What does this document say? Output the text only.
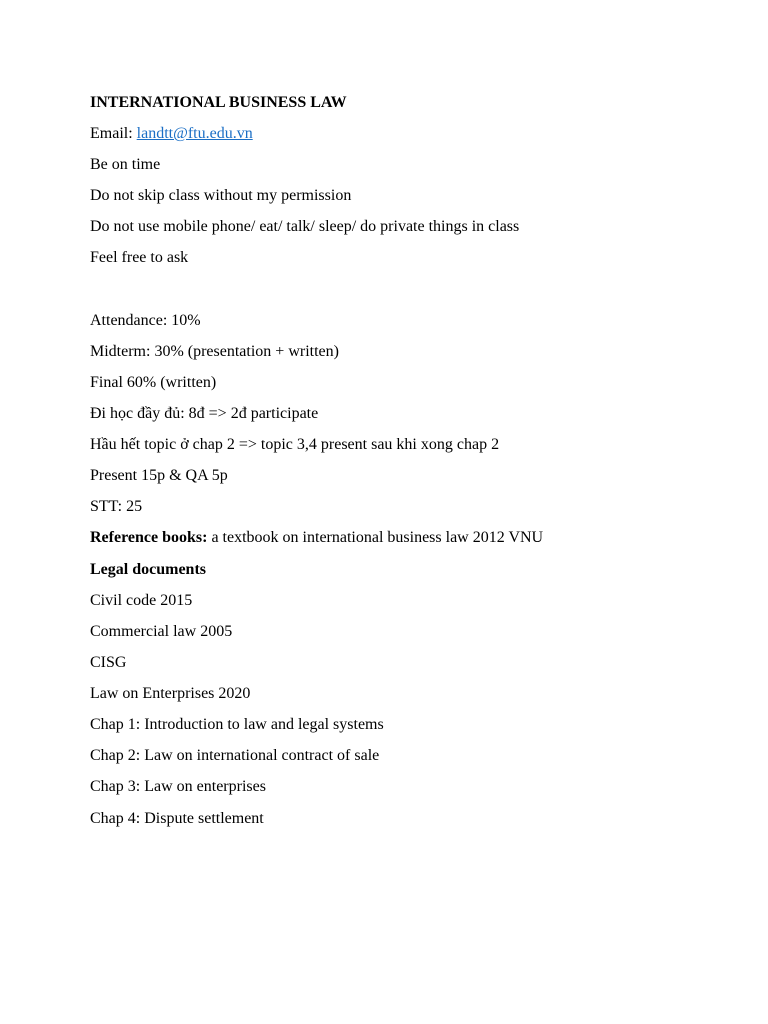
INTERNATIONAL BUSINESS LAW
Email: landtt@ftu.edu.vn
Be on time
Do not skip class without my permission
Do not use mobile phone/ eat/ talk/ sleep/ do private things in class
Feel free to ask
Attendance: 10%
Midterm: 30% (presentation + written)
Final 60% (written)
Đi học đầy đủ: 8đ => 2đ participate
Hầu hết topic ở chap 2 => topic 3,4 present sau khi xong chap 2
Present 15p & QA 5p
STT: 25
Reference books: a textbook on international business law 2012 VNU
Legal documents
Civil code 2015
Commercial law 2005
CISG
Law on Enterprises 2020
Chap 1: Introduction to law and legal systems
Chap 2: Law on international contract of sale
Chap 3: Law on enterprises
Chap 4: Dispute settlement
